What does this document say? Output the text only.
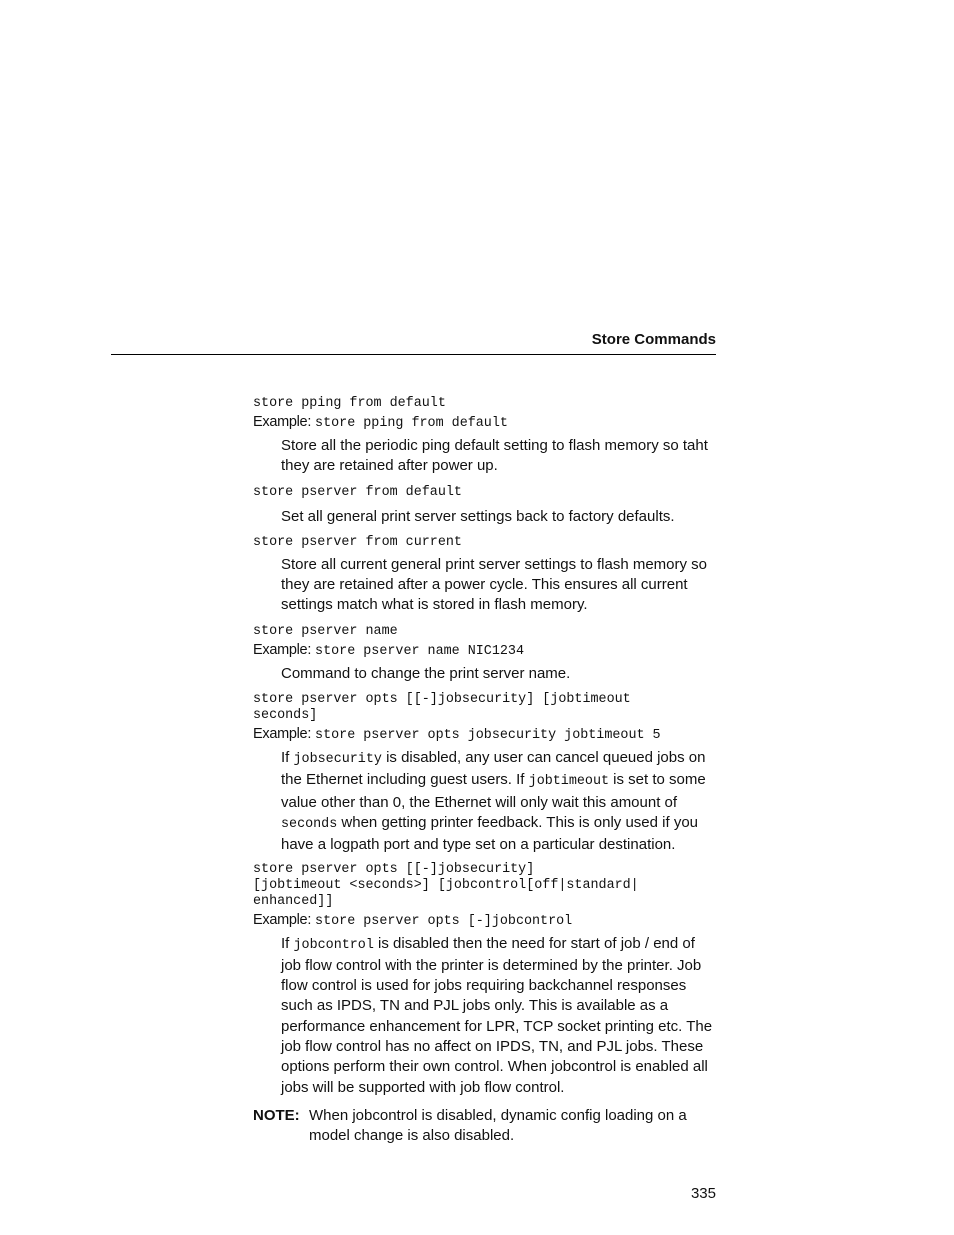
Store Commands
store pping from default
Example: store pping from default

Store all the periodic ping default setting to flash memory so taht they are retained after power up.

store pserver from default

Set all general print server settings back to factory defaults.

store pserver from current

Store all current general print server settings to flash memory so they are retained after a power cycle. This ensures all current settings match what is stored in flash memory.

store pserver name
Example: store pserver name NIC1234

Command to change the print server name.

store pserver opts [[-]jobsecurity] [jobtimeout seconds]
Example: store pserver opts jobsecurity jobtimeout 5

If jobsecurity is disabled, any user can cancel queued jobs on the Ethernet including guest users. If jobtimeout is set to some value other than 0, the Ethernet will only wait this amount of seconds when getting printer feedback. This is only used if you have a logpath port and type set on a particular destination.

store pserver opts [[-]jobsecurity]
[jobtimeout <seconds>] [jobcontrol[off|standard|
enhanced]]
Example: store pserver opts [-]jobcontrol

If jobcontrol is disabled then the need for start of job / end of job flow control with the printer is determined by the printer. Job flow control is used for jobs requiring backchannel responses such as IPDS, TN and PJL jobs only. This is available as a performance enhancement for LPR, TCP socket printing etc. The job flow control has no affect on IPDS, TN, and PJL jobs. These options perform their own control. When jobcontrol is enabled all jobs will be supported with job flow control.

NOTE: When jobcontrol is disabled, dynamic config loading on a model change is also disabled.
335
